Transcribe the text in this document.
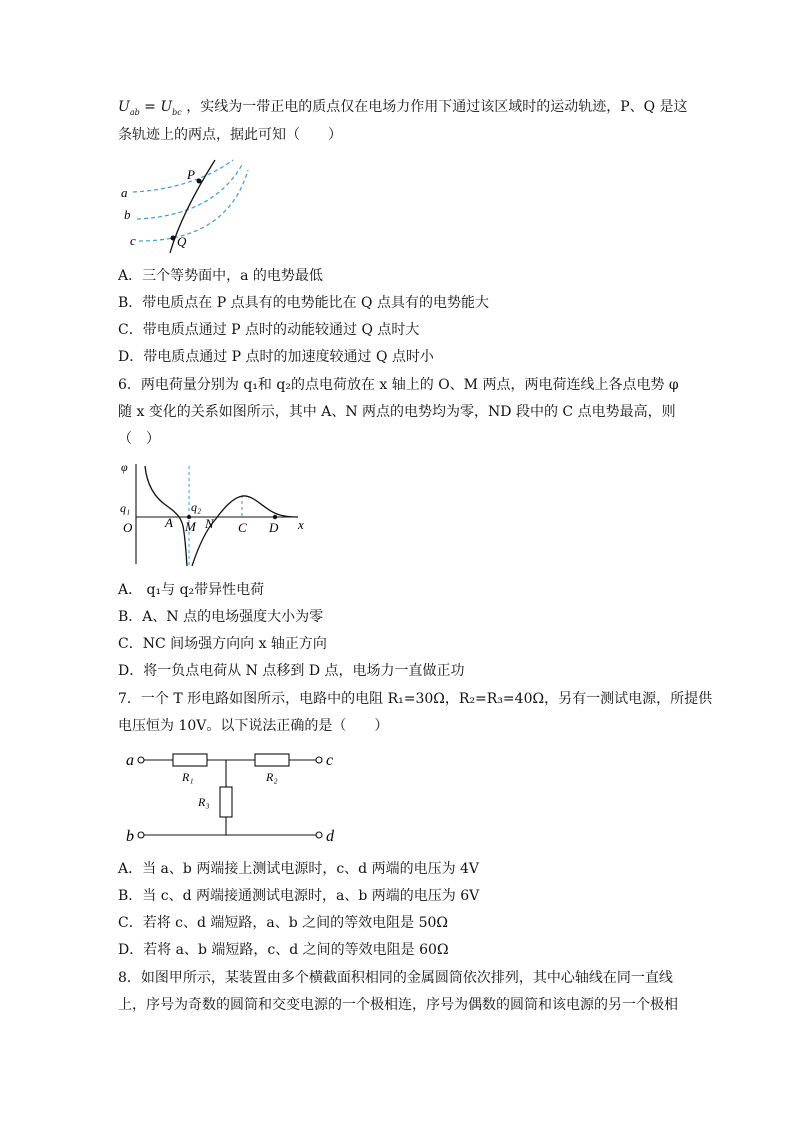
$U_{ab} = U_{bc}$ ，实线为一带正电的质点仅在电场力作用下通过该区域时的运动轨迹，P、Q 是这
条轨迹上的两点，据此可知（　　）
a
b
c
P
Q
A．三个等势面中，a 的电势最低
B．带电质点在 P 点具有的电势能比在 Q 点具有的电势能大
C．带电质点通过 P 点时的动能较通过 Q 点时大
D．带电质点通过 P 点时的加速度较通过 Q 点时小
6．两电荷量分别为 q₁和 q₂的点电荷放在 x 轴上的 O、M 两点，两电荷连线上各点电势 φ
随 x 变化的关系如图所示，其中 A、N 两点的电势均为零，ND 段中的 C 点电势最高，则
（　）
φ
q₁
O	A
q₂
M N C D x
A． q₁与 q₂带异性电荷
B．A、N 点的电场强度大小为零
C．NC 间场强方向向 x 轴正方向
D．将一负点电荷从 N 点移到 D 点，电场力一直做正功
7．一个 T 形电路如图所示，电路中的电阻 R₁=30Ω，R₂=R₃=40Ω，另有一测试电源，所提供
电压恒为 10V。以下说法正确的是（　　）
a	c
b	d
R₁	R₂
R₃
A．当 a、b 两端接上测试电源时，c、d 两端的电压为 4V
B．当 c、d 两端接通测试电源时，a、b 两端的电压为 6V
C．若将 c、d 端短路，a、b 之间的等效电阻是 50Ω
D．若将 a、b 端短路，c、d 之间的等效电阻是 60Ω
8．如图甲所示，某装置由多个横截面积相同的金属圆筒依次排列，其中心轴线在同一直线
上，序号为奇数的圆筒和交变电源的一个极相连，序号为偶数的圆筒和该电源的另一个极相
